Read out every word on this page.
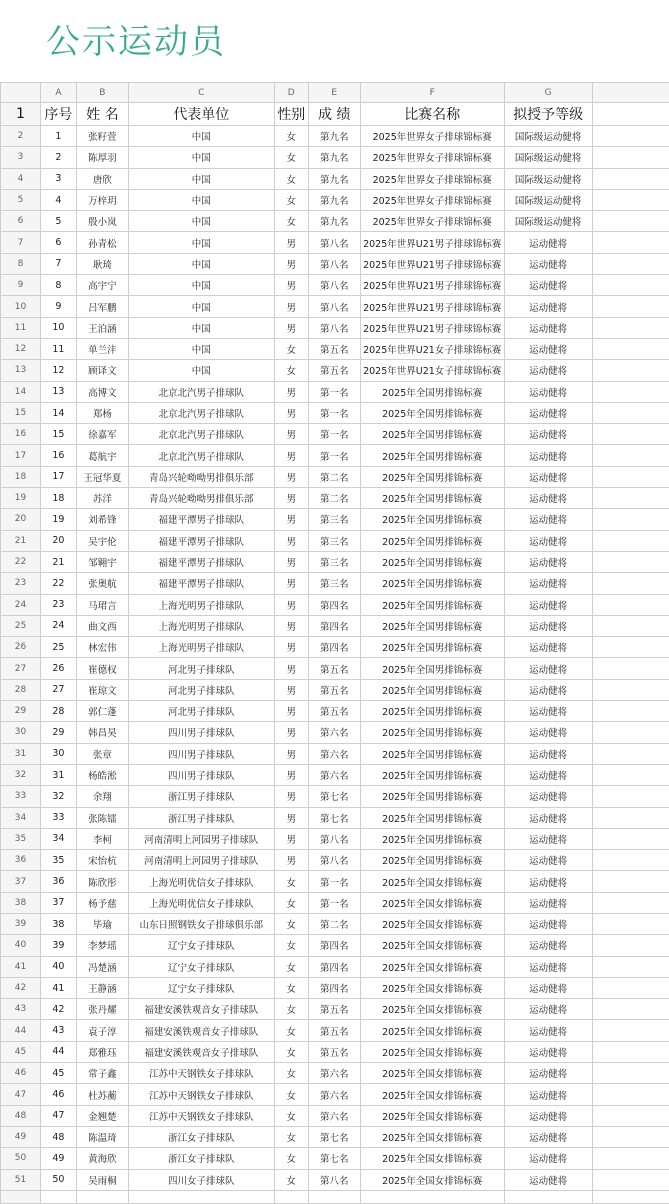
公示运动员
	A	B	C	D	E	F	G	
1	序号	姓 名	代表单位	性别	成 绩	比赛名称	拟授予等级	
2	1	张籽萱	中国	女	第九名	2025年世界女子排球锦标赛	国际级运动健将	
3	2	陈厚羽	中国	女	第九名	2025年世界女子排球锦标赛	国际级运动健将	
4	3	唐欣	中国	女	第九名	2025年世界女子排球锦标赛	国际级运动健将	
5	4	万梓玥	中国	女	第九名	2025年世界女子排球锦标赛	国际级运动健将	
6	5	殷小岚	中国	女	第九名	2025年世界女子排球锦标赛	国际级运动健将	
7	6	孙青松	中国	男	第八名	2025年世界U21男子排球锦标赛	运动健将	
8	7	耿琦	中国	男	第八名	2025年世界U21男子排球锦标赛	运动健将	
9	8	高宇宁	中国	男	第八名	2025年世界U21男子排球锦标赛	运动健将	
10	9	吕军鹏	中国	男	第八名	2025年世界U21男子排球锦标赛	运动健将	
11	10	王泊涵	中国	男	第八名	2025年世界U21男子排球锦标赛	运动健将	
12	11	单兰沣	中国	女	第五名	2025年世界U21女子排球锦标赛	运动健将	
13	12	顾译文	中国	女	第五名	2025年世界U21女子排球锦标赛	运动健将	
14	13	高博文	北京北汽男子排球队	男	第一名	2025年全国男排锦标赛	运动健将	
15	14	郑杨	北京北汽男子排球队	男	第一名	2025年全国男排锦标赛	运动健将	
16	15	徐嘉军	北京北汽男子排球队	男	第一名	2025年全国男排锦标赛	运动健将	
17	16	葛航宇	北京北汽男子排球队	男	第一名	2025年全国男排锦标赛	运动健将	
18	17	王冠华夏	青岛兴轮呦呦男排俱乐部	男	第二名	2025年全国男排锦标赛	运动健将	
19	18	苏洋	青岛兴轮呦呦男排俱乐部	男	第二名	2025年全国男排锦标赛	运动健将	
20	19	刘希锋	福建平潭男子排球队	男	第三名	2025年全国男排锦标赛	运动健将	
21	20	吴宇伦	福建平潭男子排球队	男	第三名	2025年全国男排锦标赛	运动健将	
22	21	邹翱宇	福建平潭男子排球队	男	第三名	2025年全国男排锦标赛	运动健将	
23	22	张奥航	福建平潭男子排球队	男	第三名	2025年全国男排锦标赛	运动健将	
24	23	马珺言	上海光明男子排球队	男	第四名	2025年全国男排锦标赛	运动健将	
25	24	曲文西	上海光明男子排球队	男	第四名	2025年全国男排锦标赛	运动健将	
26	25	林宏伟	上海光明男子排球队	男	第四名	2025年全国男排锦标赛	运动健将	
27	26	崔德权	河北男子排球队	男	第五名	2025年全国男排锦标赛	运动健将	
28	27	崔琼文	河北男子排球队	男	第五名	2025年全国男排锦标赛	运动健将	
29	28	郭仁蓬	河北男子排球队	男	第五名	2025年全国男排锦标赛	运动健将	
30	29	韩昌昊	四川男子排球队	男	第六名	2025年全国男排锦标赛	运动健将	
31	30	张章	四川男子排球队	男	第六名	2025年全国男排锦标赛	运动健将	
32	31	杨皓淞	四川男子排球队	男	第六名	2025年全国男排锦标赛	运动健将	
33	32	余翔	浙江男子排球队	男	第七名	2025年全国男排锦标赛	运动健将	
34	33	张陈镭	浙江男子排球队	男	第七名	2025年全国男排锦标赛	运动健将	
35	34	李柯	河南清明上河园男子排球队	男	第八名	2025年全国男排锦标赛	运动健将	
36	35	宋怡杭	河南清明上河园男子排球队	男	第八名	2025年全国男排锦标赛	运动健将	
37	36	陈欣彤	上海光明优信女子排球队	女	第一名	2025年全国女排锦标赛	运动健将	
38	37	杨予慈	上海光明优信女子排球队	女	第一名	2025年全国女排锦标赛	运动健将	
39	38	毕瑜	山东日照钢铁女子排球俱乐部	女	第二名	2025年全国女排锦标赛	运动健将	
40	39	李梦瑶	辽宁女子排球队	女	第四名	2025年全国女排锦标赛	运动健将	
41	40	冯楚涵	辽宁女子排球队	女	第四名	2025年全国女排锦标赛	运动健将	
42	41	王静涵	辽宁女子排球队	女	第四名	2025年全国女排锦标赛	运动健将	
43	42	张丹耀	福建安溪铁观音女子排球队	女	第五名	2025年全国女排锦标赛	运动健将	
44	43	袁子淳	福建安溪铁观音女子排球队	女	第五名	2025年全国女排锦标赛	运动健将	
45	44	郑雅珏	福建安溪铁观音女子排球队	女	第五名	2025年全国女排锦标赛	运动健将	
46	45	常子鑫	江苏中天钢铁女子排球队	女	第六名	2025年全国女排锦标赛	运动健将	
47	46	杜苏蘅	江苏中天钢铁女子排球队	女	第六名	2025年全国女排锦标赛	运动健将	
48	47	金翘楚	江苏中天钢铁女子排球队	女	第六名	2025年全国女排锦标赛	运动健将	
49	48	陈温琦	浙江女子排球队	女	第七名	2025年全国女排锦标赛	运动健将	
50	49	黄海欣	浙江女子排球队	女	第七名	2025年全国女排锦标赛	运动健将	
51	50	吴雨桐	四川女子排球队	女	第八名	2025年全国女排锦标赛	运动健将	
